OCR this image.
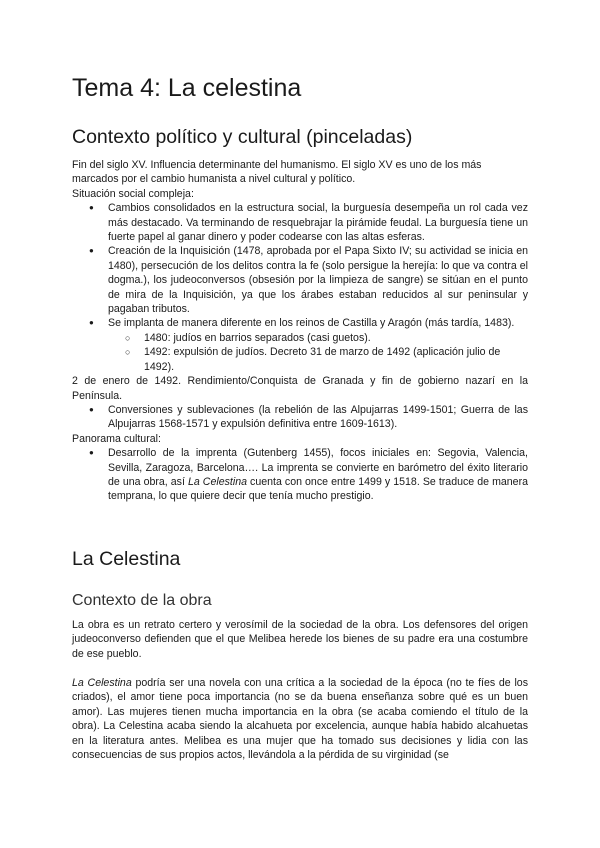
Tema 4: La celestina
Contexto político y cultural (pinceladas)
Fin del siglo XV. Influencia determinante del humanismo. El siglo XV es uno de los más
marcados por el cambio humanista a nivel cultural y político.
Situación social compleja:
● Cambios consolidados en la estructura social, la burguesía desempeña un rol cada vez más destacado. Va terminando de resquebrajar la pirámide feudal. La burguesía tiene un fuerte papel al ganar dinero y poder codearse con las altas esferas.
● Creación de la Inquisición (1478, aprobada por el Papa Sixto IV; su actividad se inicia en 1480), persecución de los delitos contra la fe (solo persigue la herejía: lo que va contra el dogma.), los judeoconversos (obsesión por la limpieza de sangre) se sitúan en el punto de mira de la Inquisición, ya que los árabes estaban reducidos al sur peninsular y pagaban tributos.
● Se implanta de manera diferente en los reinos de Castilla y Aragón (más tardía, 1483).
○ 1480: judíos en barrios separados (casi guetos).
○ 1492: expulsión de judíos. Decreto 31 de marzo de 1492 (aplicación julio de 1492).
2 de enero de 1492. Rendimiento/Conquista de Granada y fin de gobierno nazarí en la Península.
● Conversiones y sublevaciones (la rebelión de las Alpujarras 1499-1501; Guerra de las Alpujarras 1568-1571 y expulsión definitiva entre 1609-1613).
Panorama cultural:
● Desarrollo de la imprenta (Gutenberg 1455), focos iniciales en: Segovia, Valencia, Sevilla, Zaragoza, Barcelona…. La imprenta se convierte en barómetro del éxito literario de una obra, así La Celestina cuenta con once entre 1499 y 1518. Se traduce de manera temprana, lo que quiere decir que tenía mucho prestigio.
La Celestina
Contexto de la obra
La obra es un retrato certero y verosímil de la sociedad de la obra. Los defensores del origen judeoconverso defienden que el que Melibea herede los bienes de su padre era una costumbre de ese pueblo.
La Celestina podría ser una novela con una crítica a la sociedad de la época (no te fíes de los criados), el amor tiene poca importancia (no se da buena enseñanza sobre qué es un buen amor). Las mujeres tienen mucha importancia en la obra (se acaba comiendo el título de la obra). La Celestina acaba siendo la alcahueta por excelencia, aunque había habido alcahuetas en la literatura antes. Melibea es una mujer que ha tomado sus decisiones y lidia con las consecuencias de sus propios actos, llevándola a la pérdida de su virginidad (se
